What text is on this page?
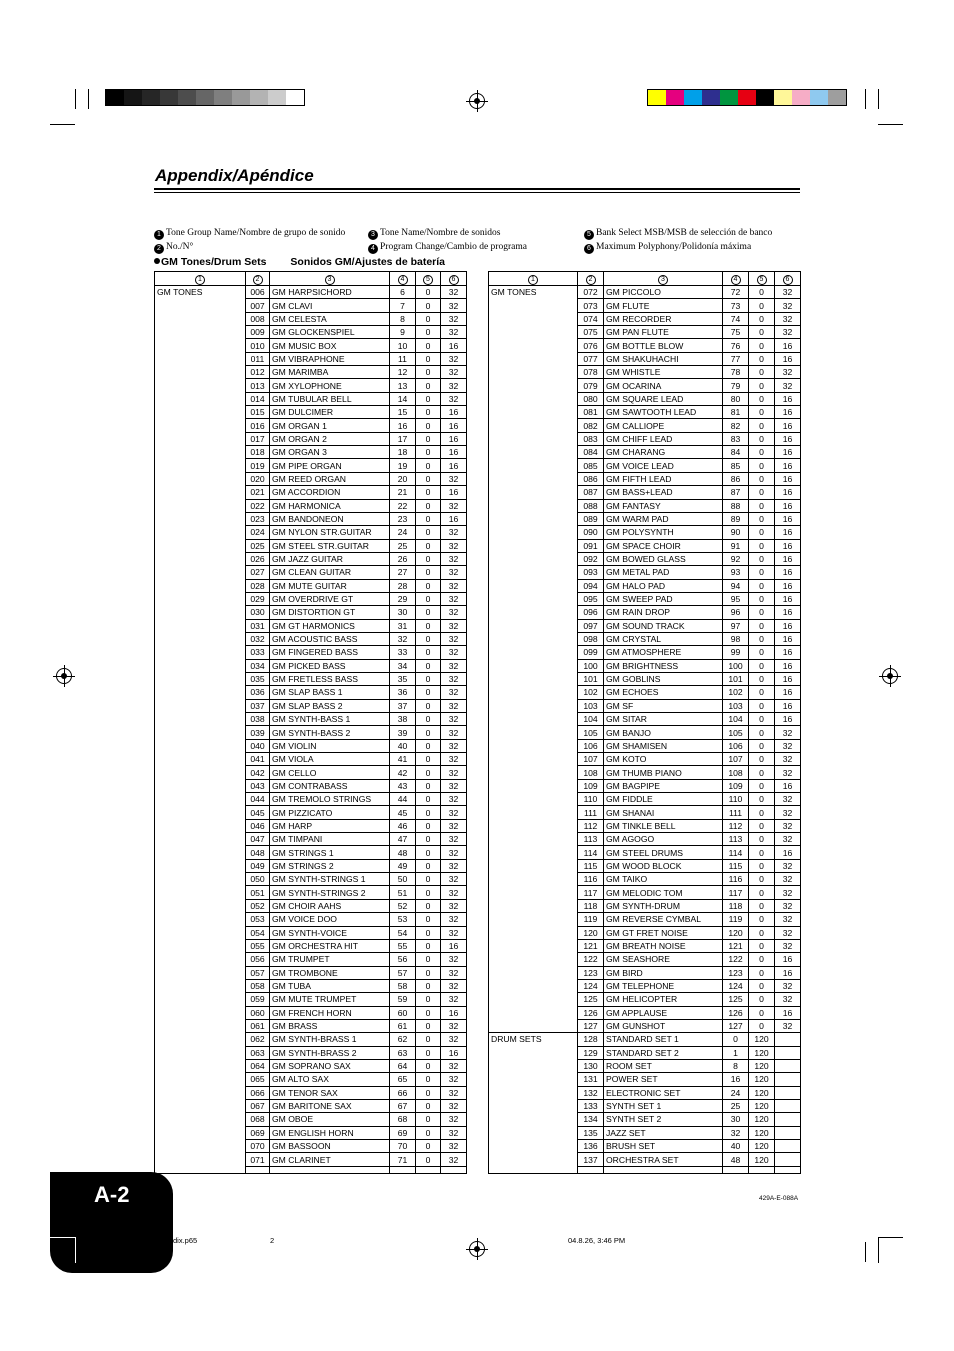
Appendix/Apéndice
1 Tone Group Name/Nombre de grupo de sonido
2 No./N°
3 Tone Name/Nombre de sonidos
4 Program Change/Cambio de programa
5 Bank Select MSB/MSB de selección de banco
6 Maximum Polyphony/Polidonía máxima
GM Tones/Drum Sets Sonidos GM/Ajustes de batería
1	2	3	4	5	6
GM TONES	006	GM HARPSICHORD	6	0	32
	007	GM CLAVI	7	0	32
	008	GM CELESTA	8	0	32
	009	GM GLOCKENSPIEL	9	0	32
	010	GM MUSIC BOX	10	0	16
	011	GM VIBRAPHONE	11	0	32
	012	GM MARIMBA	12	0	32
	013	GM XYLOPHONE	13	0	32
	014	GM TUBULAR BELL	14	0	32
	015	GM DULCIMER	15	0	16
	016	GM ORGAN 1	16	0	16
	017	GM ORGAN 2	17	0	16
	018	GM ORGAN 3	18	0	16
	019	GM PIPE ORGAN	19	0	16
	020	GM REED ORGAN	20	0	32
	021	GM ACCORDION	21	0	16
	022	GM HARMONICA	22	0	32
	023	GM BANDONEON	23	0	16
	024	GM NYLON STR.GUITAR	24	0	32
	025	GM STEEL STR.GUITAR	25	0	32
	026	GM JAZZ GUITAR	26	0	32
	027	GM CLEAN GUITAR	27	0	32
	028	GM MUTE GUITAR	28	0	32
	029	GM OVERDRIVE GT	29	0	32
	030	GM DISTORTION GT	30	0	32
	031	GM GT HARMONICS	31	0	32
	032	GM ACOUSTIC BASS	32	0	32
	033	GM FINGERED BASS	33	0	32
	034	GM PICKED BASS	34	0	32
	035	GM FRETLESS BASS	35	0	32
	036	GM SLAP BASS 1	36	0	32
	037	GM SLAP BASS 2	37	0	32
	038	GM SYNTH-BASS 1	38	0	32
	039	GM SYNTH-BASS 2	39	0	32
	040	GM VIOLIN	40	0	32
	041	GM VIOLA	41	0	32
	042	GM CELLO	42	0	32
	043	GM CONTRABASS	43	0	32
	044	GM TREMOLO STRINGS	44	0	32
	045	GM PIZZICATO	45	0	32
	046	GM HARP	46	0	32
	047	GM TIMPANI	47	0	32
	048	GM STRINGS 1	48	0	32
	049	GM STRINGS 2	49	0	32
	050	GM SYNTH-STRINGS 1	50	0	32
	051	GM SYNTH-STRINGS 2	51	0	32
	052	GM CHOIR AAHS	52	0	32
	053	GM VOICE DOO	53	0	32
	054	GM SYNTH-VOICE	54	0	32
	055	GM ORCHESTRA HIT	55	0	16
	056	GM TRUMPET	56	0	32
	057	GM TROMBONE	57	0	32
	058	GM TUBA	58	0	32
	059	GM MUTE TRUMPET	59	0	32
	060	GM FRENCH HORN	60	0	16
	061	GM BRASS	61	0	32
	062	GM SYNTH-BRASS 1	62	0	32
	063	GM SYNTH-BRASS 2	63	0	16
	064	GM SOPRANO SAX	64	0	32
	065	GM ALTO SAX	65	0	32
	066	GM TENOR SAX	66	0	32
	067	GM BARITONE SAX	67	0	32
	068	GM OBOE	68	0	32
	069	GM ENGLISH HORN	69	0	32
	070	GM BASSOON	70	0	32
	071	GM CLARINET	71	0	32

1	2	3	4	5	6
GM TONES	072	GM PICCOLO	72	0	32
	073	GM FLUTE	73	0	32
	074	GM RECORDER	74	0	32
	075	GM PAN FLUTE	75	0	32
	076	GM BOTTLE BLOW	76	0	16
	077	GM SHAKUHACHI	77	0	16
	078	GM WHISTLE	78	0	32
	079	GM OCARINA	79	0	32
	080	GM SQUARE LEAD	80	0	16
	081	GM SAWTOOTH LEAD	81	0	16
	082	GM CALLIOPE	82	0	16
	083	GM CHIFF LEAD	83	0	16
	084	GM CHARANG	84	0	16
	085	GM VOICE LEAD	85	0	16
	086	GM FIFTH LEAD	86	0	16
	087	GM BASS+LEAD	87	0	16
	088	GM FANTASY	88	0	16
	089	GM WARM PAD	89	0	16
	090	GM POLYSYNTH	90	0	16
	091	GM SPACE CHOIR	91	0	16
	092	GM BOWED GLASS	92	0	16
	093	GM METAL PAD	93	0	16
	094	GM HALO PAD	94	0	16
	095	GM SWEEP PAD	95	0	16
	096	GM RAIN DROP	96	0	16
	097	GM SOUND TRACK	97	0	16
	098	GM CRYSTAL	98	0	16
	099	GM ATMOSPHERE	99	0	16
	100	GM BRIGHTNESS	100	0	16
	101	GM GOBLINS	101	0	16
	102	GM ECHOES	102	0	16
	103	GM SF	103	0	16
	104	GM SITAR	104	0	16
	105	GM BANJO	105	0	32
	106	GM SHAMISEN	106	0	32
	107	GM KOTO	107	0	32
	108	GM THUMB PIANO	108	0	32
	109	GM BAGPIPE	109	0	16
	110	GM FIDDLE	110	0	32
	111	GM SHANAI	111	0	32
	112	GM TINKLE BELL	112	0	32
	113	GM AGOGO	113	0	32
	114	GM STEEL DRUMS	114	0	16
	115	GM WOOD BLOCK	115	0	32
	116	GM TAIKO	116	0	32
	117	GM MELODIC TOM	117	0	32
	118	GM SYNTH-DRUM	118	0	32
	119	GM REVERSE CYMBAL	119	0	32
	120	GM GT FRET NOISE	120	0	32
	121	GM BREATH NOISE	121	0	32
	122	GM SEASHORE	122	0	16
	123	GM BIRD	123	0	16
	124	GM TELEPHONE	124	0	32
	125	GM HELICOPTER	125	0	32
	126	GM APPLAUSE	126	0	16
	127	GM GUNSHOT	127	0	32
DRUM SETS	128	STANDARD SET 1	0	120	
	129	STANDARD SET 2	1	120	
	130	ROOM SET	8	120	
	131	POWER SET	16	120	
	132	ELECTRONIC SET	24	120	
	133	SYNTH SET 1	25	120	
	134	SYNTH SET 2	30	120	
	135	JAZZ SET	32	120	
	136	BRUSH SET	40	120	
	137	ORCHESTRA SET	48	120	

429A-E-088A
A-2
dix.p65	2	04.8.26, 3:46 PM
